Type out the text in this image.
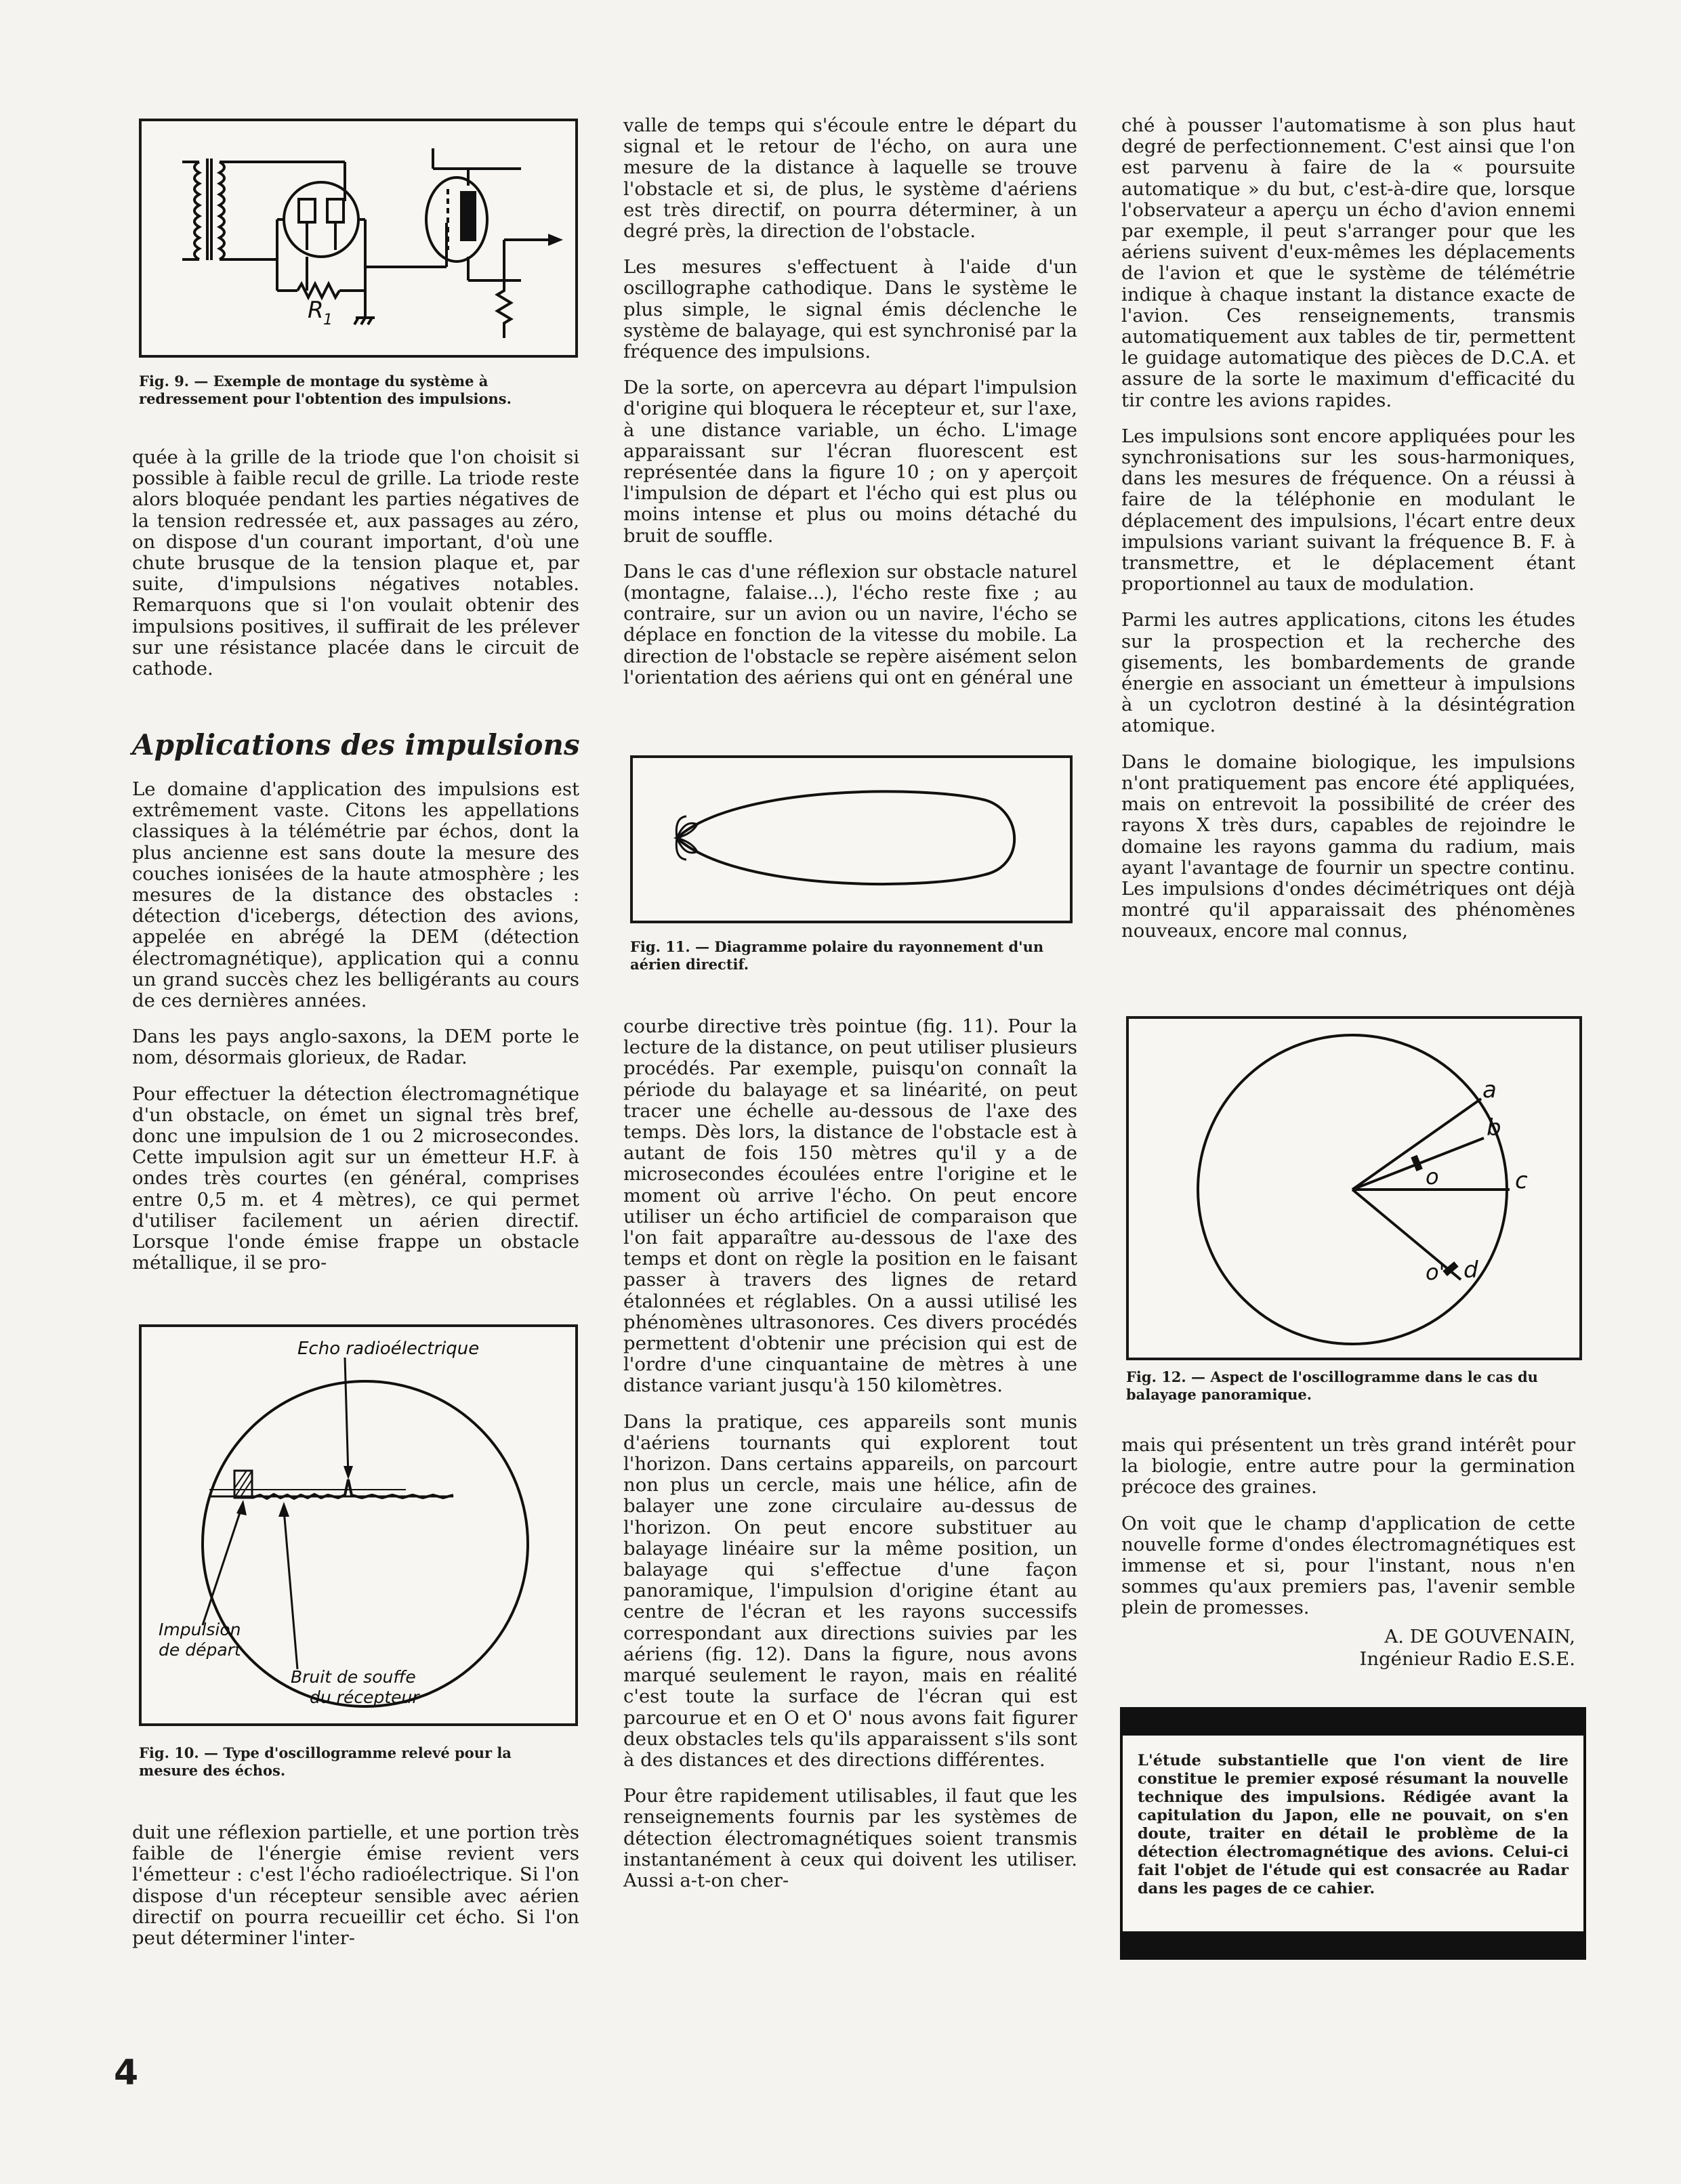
R 1
Fig. 9. — Exemple de montage du système à redressement pour l'obtention des impulsions.

quée à la grille de la triode que l'on choisit si possible à faible recul de grille. La triode reste alors bloquée pendant les parties négatives de la tension redressée et, aux passages au zéro, on dispose d'un courant important, d'où une chute brusque de la tension plaque et, par suite, d'impulsions négatives notables. Remarquons que si l'on voulait obtenir des impulsions positives, il suffirait de les prélever sur une résistance placée dans le circuit de cathode.

Applications des impulsions

Le domaine d'application des impulsions est extrêmement vaste. Citons les appellations classiques à la télémétrie par échos, dont la plus ancienne est sans doute la mesure des couches ionisées de la haute atmosphère ; les mesures de la distance des obstacles : détection d'icebergs, détection des avions, appelée en abrégé la DEM (détection électromagnétique), application qui a connu un grand succès chez les belligérants au cours de ces dernières années.

Dans les pays anglo-saxons, la DEM porte le nom, désormais glorieux, de Radar.

Pour effectuer la détection électromagnétique d'un obstacle, on émet un signal très bref, donc une impulsion de 1 ou 2 microsecondes. Cette impulsion agit sur un émetteur H.F. à ondes très courtes (en général, comprises entre 0,5 m. et 4 mètres), ce qui permet d'utiliser facilement un aérien directif. Lorsque l'onde émise frappe un obstacle métallique, il se pro-

Echo radioélectrique
Impulsion
de départ
Bruit de souffe
du récepteur
Fig. 10. — Type d'oscillogramme relevé pour la mesure des échos.

duit une réflexion partielle, et une portion très faible de l'énergie émise revient vers l'émetteur : c'est l'écho radioélectrique. Si l'on dispose d'un récepteur sensible avec aérien directif on pourra recueillir cet écho. Si l'on peut déterminer l'inter-

4

valle de temps qui s'écoule entre le départ du signal et le retour de l'écho, on aura une mesure de la distance à laquelle se trouve l'obstacle et si, de plus, le système d'aériens est très directif, on pourra déterminer, à un degré près, la direction de l'obstacle.

Les mesures s'effectuent à l'aide d'un oscillographe cathodique. Dans le système le plus simple, le signal émis déclenche le système de balayage, qui est synchronisé par la fréquence des impulsions.

De la sorte, on apercevra au départ l'impulsion d'origine qui bloquera le récepteur et, sur l'axe, à une distance variable, un écho. L'image apparaissant sur l'écran fluorescent est représentée dans la figure 10 ; on y aperçoit l'impulsion de départ et l'écho qui est plus ou moins intense et plus ou moins détaché du bruit de souffle.

Dans le cas d'une réflexion sur obstacle naturel (montagne, falaise...), l'écho reste fixe ; au contraire, sur un avion ou un navire, l'écho se déplace en fonction de la vitesse du mobile. La direction de l'obstacle se repère aisément selon l'orientation des aériens qui ont en général une

Fig. 11. — Diagramme polaire du rayonnement d'un aérien directif.

courbe directive très pointue (fig. 11). Pour la lecture de la distance, on peut utiliser plusieurs procédés. Par exemple, puisqu'on connaît la période du balayage et sa linéarité, on peut tracer une échelle au-dessous de l'axe des temps. Dès lors, la distance de l'obstacle est à autant de fois 150 mètres qu'il y a de microsecondes écoulées entre l'origine et le moment où arrive l'écho. On peut encore utiliser un écho artificiel de comparaison que l'on fait apparaître au-dessous de l'axe des temps et dont on règle la position en le faisant passer à travers des lignes de retard étalonnées et réglables. On a aussi utilisé les phénomènes ultrasonores. Ces divers procédés permettent d'obtenir une précision qui est de l'ordre d'une cinquantaine de mètres à une distance variant jusqu'à 150 kilomètres.

Dans la pratique, ces appareils sont munis d'aériens tournants qui explorent tout l'horizon. Dans certains appareils, on parcourt non plus un cercle, mais une hélice, afin de balayer une zone circulaire au-dessus de l'horizon. On peut encore substituer au balayage linéaire sur la même position, un balayage qui s'effectue d'une façon panoramique, l'impulsion d'origine étant au centre de l'écran et les rayons successifs correspondant aux directions suivies par les aériens (fig. 12). Dans la figure, nous avons marqué seulement le rayon, mais en réalité c'est toute la surface de l'écran qui est parcourue et en O et O' nous avons fait figurer deux obstacles tels qu'ils apparaissent s'ils sont à des distances et des directions différentes.

Pour être rapidement utilisables, il faut que les renseignements fournis par les systèmes de détection électromagnétiques soient transmis instantanément à ceux qui doivent les utiliser. Aussi a-t-on cher-

ché à pousser l'automatisme à son plus haut degré de perfectionnement. C'est ainsi que l'on est parvenu à faire de la « poursuite automatique » du but, c'est-à-dire que, lorsque l'observateur a aperçu un écho d'avion ennemi par exemple, il peut s'arranger pour que les aériens suivent d'eux-mêmes les déplacements de l'avion et que le système de télémétrie indique à chaque instant la distance exacte de l'avion. Ces renseignements, transmis automatiquement aux tables de tir, permettent le guidage automatique des pièces de D.C.A. et assure de la sorte le maximum d'efficacité du tir contre les avions rapides.

Les impulsions sont encore appliquées pour les synchronisations sur les sous-harmoniques, dans les mesures de fréquence. On a réussi à faire de la téléphonie en modulant le déplacement des impulsions, l'écart entre deux impulsions variant suivant la fréquence B. F. à transmettre, et le déplacement étant proportionnel au taux de modulation.

Parmi les autres applications, citons les études sur la prospection et la recherche des gisements, les bombardements de grande énergie en associant un émetteur à impulsions à un cyclotron destiné à la désintégration atomique.

Dans le domaine biologique, les impulsions n'ont pratiquement pas encore été appliquées, mais on entrevoit la possibilité de créer des rayons X très durs, capables de rejoindre le domaine les rayons gamma du radium, mais ayant l'avantage de fournir un spectre continu. Les impulsions d'ondes décimétriques ont déjà montré qu'il apparaissait des phénomènes nouveaux, encore mal connus,

a
b
c
d
o
o'
Fig. 12. — Aspect de l'oscillogramme dans le cas du balayage panoramique.

mais qui présentent un très grand intérêt pour la biologie, entre autre pour la germination précoce des graines.

On voit que le champ d'application de cette nouvelle forme d'ondes électromagnétiques est immense et si, pour l'instant, nous n'en sommes qu'aux premiers pas, l'avenir semble plein de promesses.

A. DE GOUVENAIN,

Ingénieur Radio E.S.E.

L'étude substantielle que l'on vient de lire constitue le premier exposé résumant la nouvelle technique des impulsions. Rédigée avant la capitulation du Japon, elle ne pouvait, on s'en doute, traiter en détail le problème de la détection électromagnétique des avions. Celui-ci fait l'objet de l'étude qui est consacrée au Radar dans les pages de ce cahier.
